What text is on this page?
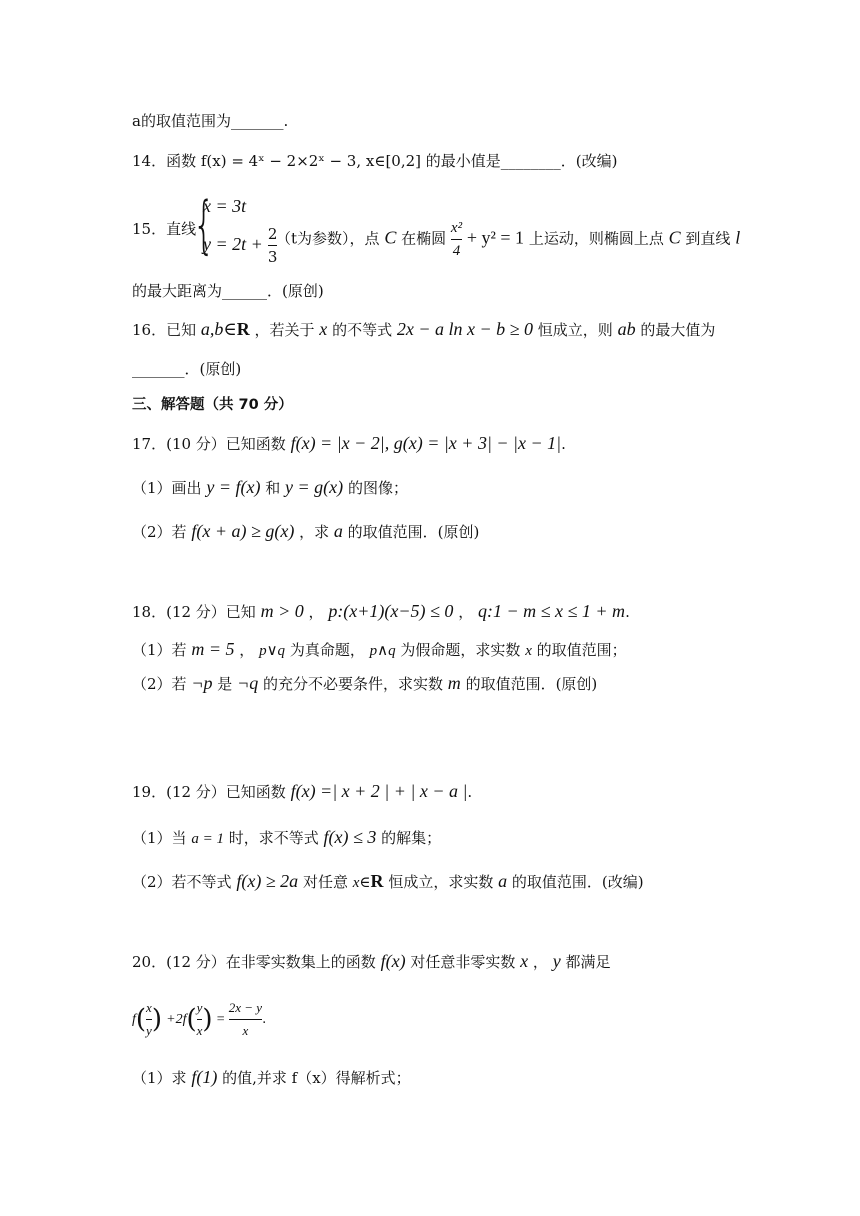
a的取值范围为_______.
14．函数 f(x) = 4ˣ − 2×2ˣ − 3, x∈[0,2] 的最小值是________．(改编)
15．直线
{
x = 3t
$y = 2t + \frac{2}{3}$
（t为参数），点 C 在椭圆 $\frac{\text{x²}}{4} + y^2 = 1$ 上运动，则椭圆上点 C 到直线 l
的最大距离为______．(原创)
16．已知 a,b∈R ，若关于 x 的不等式 2x − a ln x − b ≥ 0 恒成立，则 ab 的最大值为
_______．(原创)
三、解答题（共 70 分）
17．(10 分）已知函数 f(x) = |x − 2|, g(x) = |x + 3| − |x − 1|.
（1）画出 y = f(x) 和 y = g(x) 的图像；
（2）若 f(x + a) ≥ g(x) ，求 a 的取值范围．(原创)
18．(12 分）已知 m > 0 ， p:(x+1)(x−5) ≤ 0 ， q:1 − m ≤ x ≤ 1 + m.
（1）若 m = 5 ， p∨q 为真命题， p∧q 为假命题，求实数 x 的取值范围；
（2）若 ¬p 是 ¬q 的充分不必要条件，求实数 m 的取值范围．(原创)
19．(12 分）已知函数 f(x) =| x + 2 | + | x − a |.
（1）当 a = 1 时，求不等式 f(x) ≤ 3 的解集；
（2）若不等式 f(x) ≥ 2a 对任意 x∈R 恒成立，求实数 a 的取值范围．(改编)
20．(12 分）在非零实数集上的函数 f(x) 对任意非零实数 x ， y 都满足
$f( \frac{x}{y}$ ) $+2f( \frac{y}{x}$ ) = $\frac{2x - y}{x}$ .
（1）求 f(1) 的值,并求 f（x）得解析式；
